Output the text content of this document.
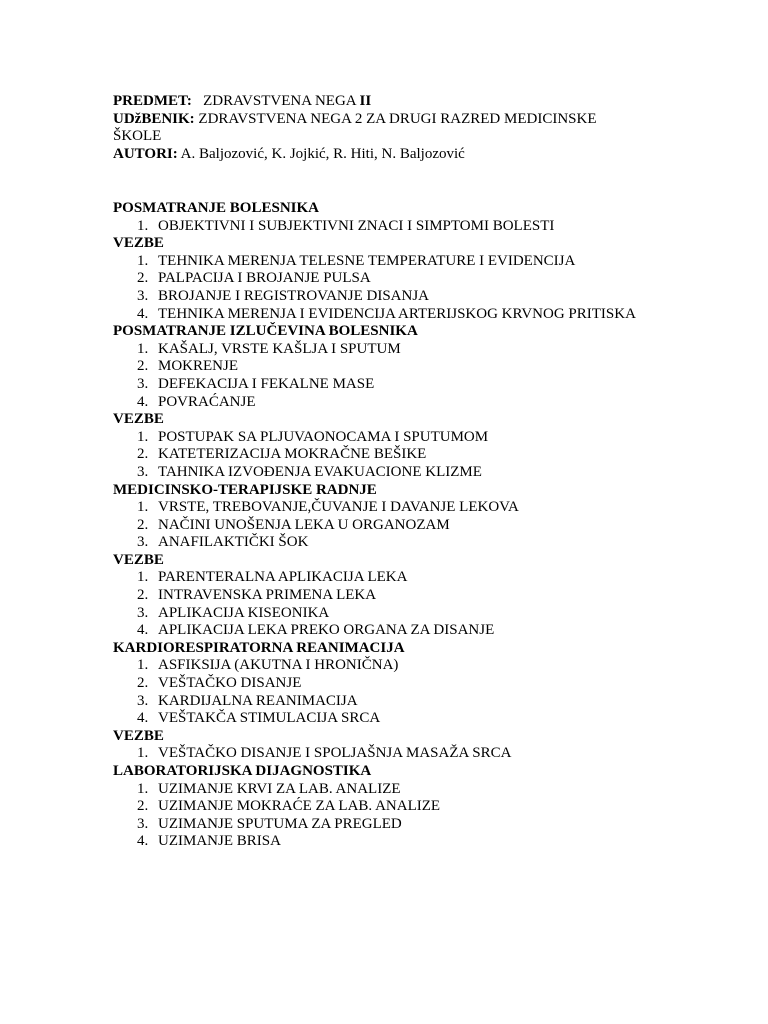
PREDMET: ZDRAVSTVENA NEGA II
UDžBENIK: ZDRAVSTVENA NEGA 2 ZA DRUGI RAZRED MEDICINSKE
ŠKOLE
AUTORI: A. Baljozović, K. Jojkić, R. Hiti, N. Baljozović
POSMATRANJE BOLESNIKA
1. OBJEKTIVNI I SUBJEKTIVNI ZNACI I SIMPTOMI BOLESTI
VEZBE
1. TEHNIKA MERENJA TELESNE TEMPERATURE I EVIDENCIJA
2. PALPACIJA I BROJANJE PULSA
3. BROJANJE I REGISTROVANJE DISANJA
4. TEHNIKA MERENJA I EVIDENCIJA ARTERIJSKOG KRVNOG PRITISKA
POSMATRANJE IZLUČEVINA BOLESNIKA
1. KAŠALJ, VRSTE KAŠLJA I SPUTUM
2. MOKRENJE
3. DEFEKACIJA I FEKALNE MASE
4. POVRAĆANJE
VEZBE
1. POSTUPAK SA PLJUVAONOCAMA I SPUTUMOM
2. KATETERIZACIJA MOKRAČNE BEŠIKE
3. TAHNIKA IZVOĐENJA EVAKUACIONE KLIZME
MEDICINSKO-TERAPIJSKE RADNJE
1. VRSTE, TREBOVANJE,ČUVANJE I DAVANJE LEKOVA
2. NAČINI UNOŠENJA LEKA U ORGANOZAM
3. ANAFILAKTIČKI ŠOK
VEZBE
1. PARENTERALNA APLIKACIJA LEKA
2. INTRAVENSKA PRIMENA LEKA
3. APLIKACIJA KISEONIKA
4. APLIKACIJA LEKA PREKO ORGANA ZA DISANJE
KARDIORESPIRATORNA REANIMACIJA
1. ASFIKSIJA (AKUTNA I HRONIČNA)
2. VEŠTAČKO DISANJE
3. KARDIJALNA REANIMACIJA
4. VEŠTAKČA STIMULACIJA SRCA
VEZBE
1. VEŠTAČKO DISANJE I SPOLJAŠNJA MASAŽA SRCA
LABORATORIJSKA DIJAGNOSTIKA
1. UZIMANJE KRVI ZA LAB. ANALIZE
2. UZIMANJE MOKRAĆE ZA LAB. ANALIZE
3. UZIMANJE SPUTUMA ZA PREGLED
4. UZIMANJE BRISA
